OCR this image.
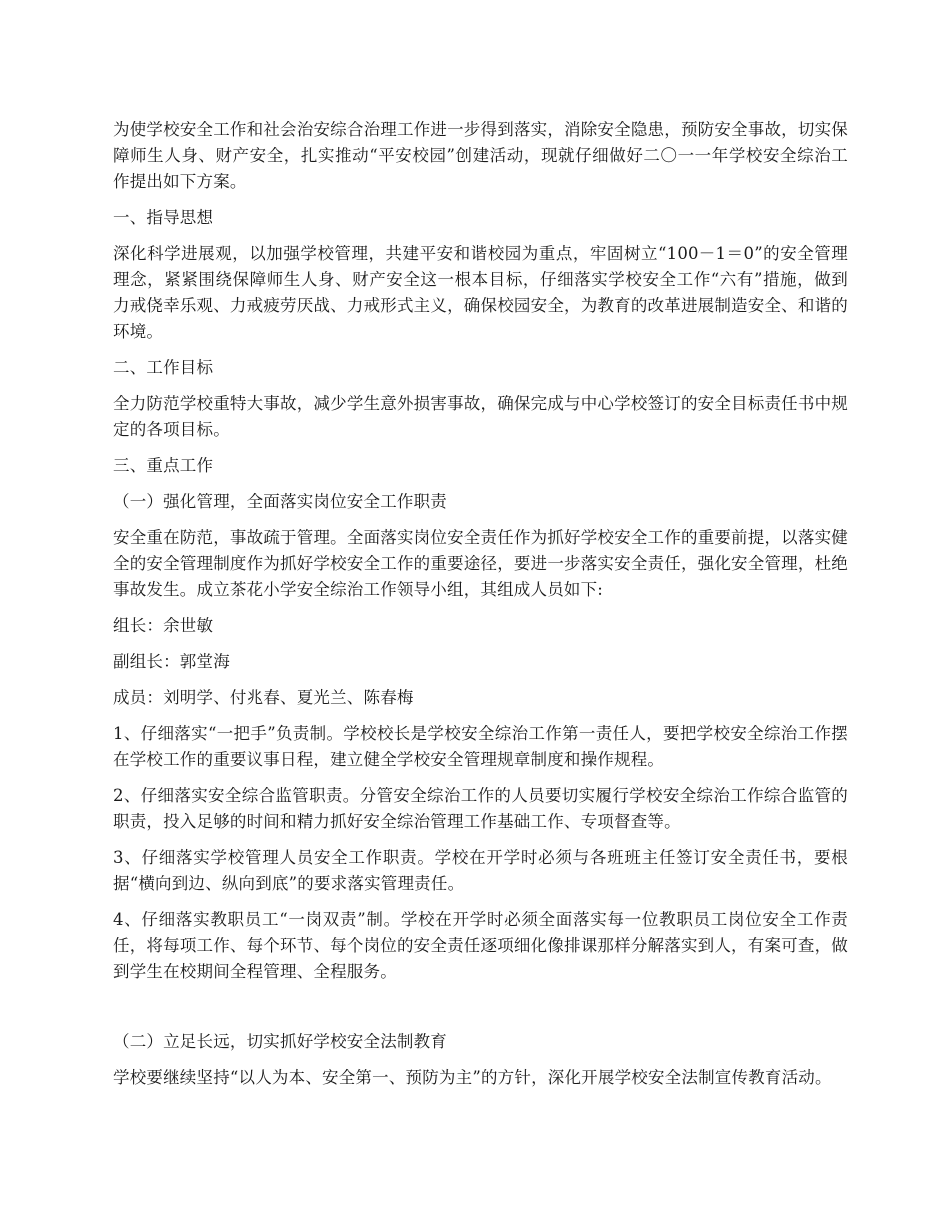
为使学校安全工作和社会治安综合治理工作进一步得到落实，消除安全隐患，预防安全事故，切实保障师生人身、财产安全，扎实推动“平安校园”创建活动，现就仔细做好二〇一一年学校安全综治工作提出如下方案。

一、指导思想

深化科学进展观，以加强学校管理，共建平安和谐校园为重点，牢固树立“100－1＝0”的安全管理理念，紧紧围绕保障师生人身、财产安全这一根本目标，仔细落实学校安全工作“六有”措施，做到力戒侥幸乐观、力戒疲劳厌战、力戒形式主义，确保校园安全，为教育的改革进展制造安全、和谐的环境。

二、工作目标

全力防范学校重特大事故，减少学生意外损害事故，确保完成与中心学校签订的安全目标责任书中规定的各项目标。

三、重点工作

（一）强化管理，全面落实岗位安全工作职责

安全重在防范，事故疏于管理。全面落实岗位安全责任作为抓好学校安全工作的重要前提，以落实健全的安全管理制度作为抓好学校安全工作的重要途径，要进一步落实安全责任，强化安全管理，杜绝事故发生。成立茶花小学安全综治工作领导小组，其组成人员如下:

组长：余世敏

副组长：郭堂海

成员：刘明学、付兆春、夏光兰、陈春梅

1、仔细落实“一把手”负责制。学校校长是学校安全综治工作第一责任人，要把学校安全综治工作摆在学校工作的重要议事日程，建立健全学校安全管理规章制度和操作规程。

2、仔细落实安全综合监管职责。分管安全综治工作的人员要切实履行学校安全综治工作综合监管的职责，投入足够的时间和精力抓好安全综治管理工作基础工作、专项督查等。

3、仔细落实学校管理人员安全工作职责。学校在开学时必须与各班班主任签订安全责任书，要根据“横向到边、纵向到底”的要求落实管理责任。

4、仔细落实教职员工“一岗双责”制。学校在开学时必须全面落实每一位教职员工岗位安全工作责任，将每项工作、每个环节、每个岗位的安全责任逐项细化像排课那样分解落实到人，有案可查，做到学生在校期间全程管理、全程服务。

（二）立足长远，切实抓好学校安全法制教育

学校要继续坚持“以人为本、安全第一、预防为主”的方针，深化开展学校安全法制宣传教育活动。
